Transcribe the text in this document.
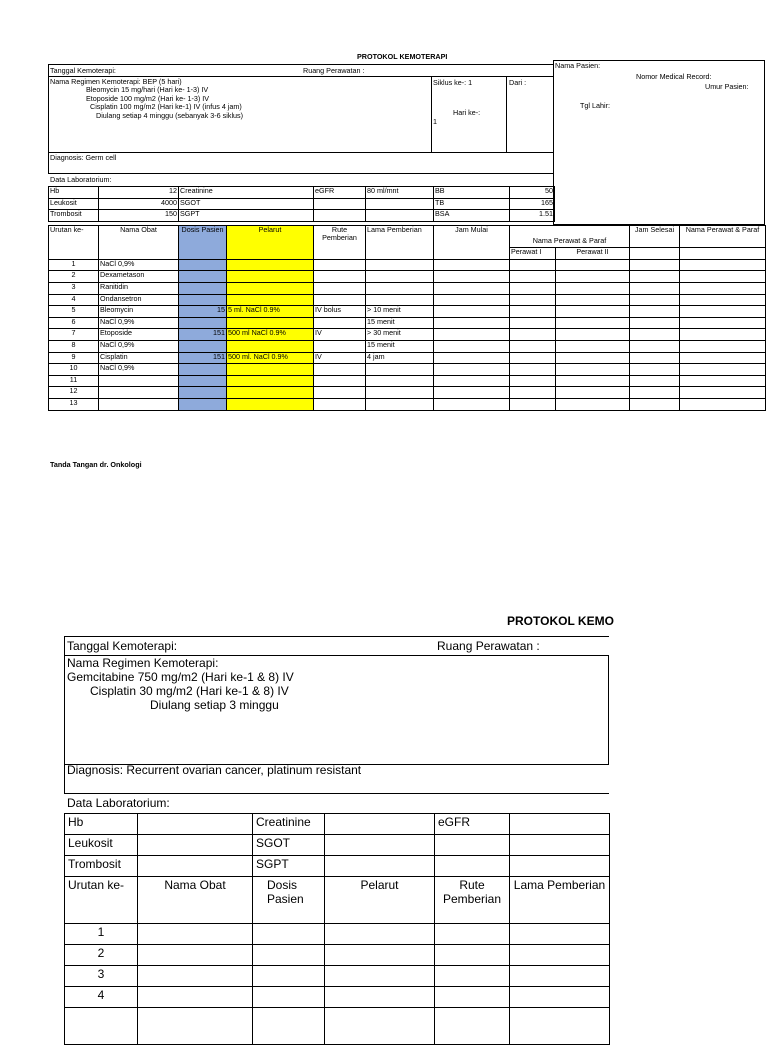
PROTOKOL KEMOTERAPI
Tanggal Kemoterapi:	Ruang Perawatan :
Nama Regimen Kemoterapi: BEP (5 hari)
Bleomycin 15 mg/hari (Hari ke- 1-3) IV
Etoposide 100 mg/m2 (Hari ke- 1-3) IV
Cisplatin 100 mg/m2 (Hari ke-1) IV (infus 4 jam)
Diulang setiap 4 minggu (sebanyak 3-6 siklus)
Siklus ke-: 1	Dari :
Hari ke-:
1
Diagnosis: Germ cell
Nama Pasien:
Nomor Medical Record:
Umur Pasien:
Tgl Lahir:
Data Laboratorium:
Hb	12	Creatinine	eGFR	80 ml/mnt	BB	50
Leukosit	4000	SGOT			TB	165
Trombosit	150	SGPT			BSA	1.51
Urutan ke-	Nama Obat	Dosis Pasien	Pelarut	Rute Pemberian	Lama Pemberian	Jam Mulai			Jam Selesai	Nama Perawat & Paraf
							Nama Perawat & Paraf			
							Perawat I	Perawat II		
1	NaCl 0,9%									
2	Dexametason									
3	Ranitidin									
4	Ondansetron									
5	Bleomycin	15	5 ml. NaCl 0.9%	IV bolus	> 10 menit					
6	NaCl 0,9%				15 menit					
7	Etoposide	151	500 ml NaCl 0.9%	IV	> 30 menit					
8	NaCl 0,9%				15 menit					
9	Cisplatin	151	500 ml. NaCl 0.9%	IV	4 jam					
10	NaCl 0,9%									
11										
12										
13										
Tanda Tangan dr. Onkologi
PROTOKOL KEMO
Tanggal Kemoterapi:	Ruang Perawatan :
Nama Regimen Kemoterapi:
Gemcitabine 750 mg/m2 (Hari ke-1 & 8) IV
Cisplatin 30 mg/m2 (Hari ke-1 & 8) IV
Diulang setiap 3 minggu
Diagnosis: Recurrent ovarian cancer, platinum resistant
Data Laboratorium:
Hb		Creatinine		eGFR	
Leukosit		SGOT			
Trombosit		SGPT			
Urutan ke-	Nama Obat	Dosis Pasien	Pelarut	Rute Pemberian	Lama Pemberian
1					
2					
3					
4					
